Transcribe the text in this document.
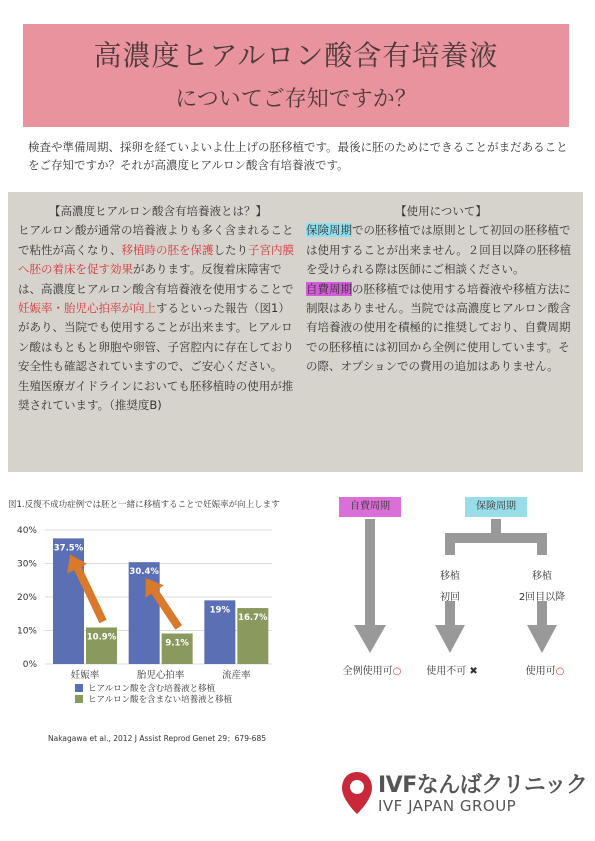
高濃度ヒアルロン酸含有培養液
についてご存知ですか？
検査や準備周期、採卵を経ていよいよ仕上げの胚移植です。最後に胚のためにできることがまだあることをご存知ですか？それが高濃度ヒアルロン酸含有培養液です。
【高濃度ヒアルロン酸含有培養液とは？】
ヒアルロン酸が通常の培養液よりも多く含まれることで粘性が高くなり、移植時の胚を保護したり子宮内膜へ胚の着床を促す効果があります。反復着床障害では、高濃度ヒアルロン酸含有培養液を使用することで妊娠率・胎児心拍率が向上するといった報告（図1）があり、当院でも使用することが出来ます。ヒアルロン酸はもともと卵胞や卵管、子宮腔内に存在しており安全性も確認されていますので、ご安心ください。
生殖医療ガイドラインにおいても胚移植時の使用が推奨されています。（推奨度B)
【使用について】
保険周期での胚移植では原則として初回の胚移植では使用することが出来ません。２回目以降の胚移植を受けられる際は医師にご相談ください。
自費周期の胚移植では使用する培養液や移植方法に制限はありません。当院では高濃度ヒアルロン酸含有培養液の使用を積極的に推奨しており、自費周期での胚移植には初回から全例に使用しています。その際、オプションでの費用の追加はありません。
図1.反復不成功症例では胚と一緒に移植することで妊娠率が向上します
0%
10%
20%
30%
40%
37.5%
10.9%
妊娠率
30.4%
9.1%
胎児心拍率
19%
16.7%
流産率
ヒアルロン酸を含む培養液と移植
ヒアルロン酸を含まない培養液と移植
Nakagawa et al., 2012 J Assist Reprod Genet 29；679-685
自費周期	保険周期
移植
初回
移植
2回目以降
全例使用可○	使用不可 ✖	使用可○
IVFなんばクリニック
IVF JAPAN GROUP
